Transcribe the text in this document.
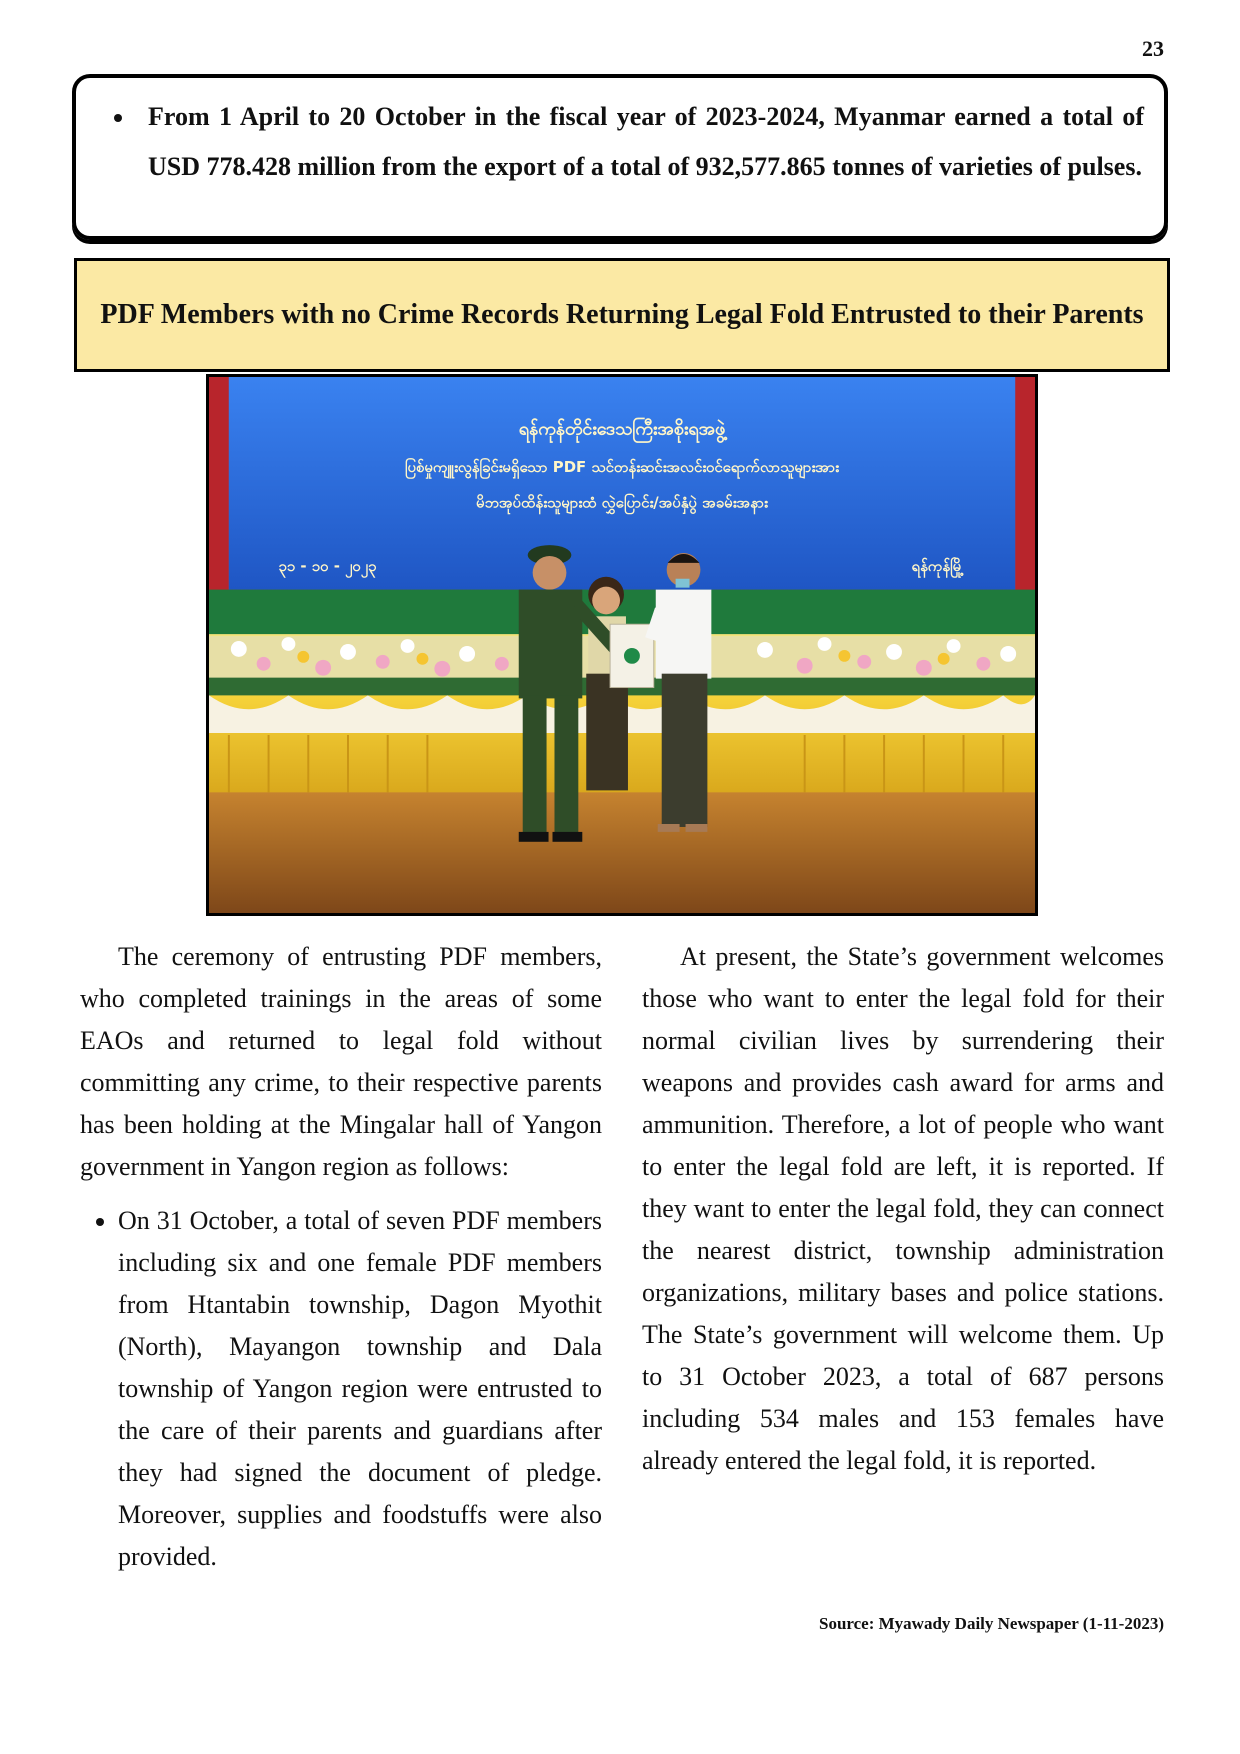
23
• From 1 April to 20 October in the fiscal year of 2023-2024, Myanmar earned a total of USD 778.428 million from the export of a total of 932,577.865 tonnes of varieties of pulses.
PDF Members with no Crime Records Returning Legal Fold Entrusted to their Parents
ရန်ကုန်တိုင်းဒေသကြီးအစိုးရအဖွဲ့
ပြစ်မှုကျူးလွန်ခြင်းမရှိသော PDF သင်တန်းဆင်းအလင်းဝင်ရောက်လာသူများအား
မိဘအုပ်ထိန်းသူများထံ လွှဲပြောင်း/အပ်နှံပွဲ အခမ်းအနား
၃၁ - ၁၀ - ၂၀၂၃	ရန်ကုန်မြို့

The ceremony of entrusting PDF members, who completed trainings in the areas of some EAOs and returned to legal fold without committing any crime, to their respective parents has been holding at the Mingalar hall of Yangon government in Yangon region as follows:

• On 31 October, a total of seven PDF members including six and one female PDF members from Htantabin township, Dagon Myothit (North), Mayangon township and Dala township of Yangon region were entrusted to the care of their parents and guardians after they had signed the document of pledge. Moreover, supplies and foodstuffs were also provided.

At present, the State’s government welcomes those who want to enter the legal fold for their normal civilian lives by surrendering their weapons and provides cash award for arms and ammunition. Therefore, a lot of people who want to enter the legal fold are left, it is reported. If they want to enter the legal fold, they can connect the nearest district, township administration organizations, military bases and police stations. The State’s government will welcome them. Up to 31 October 2023, a total of 687 persons including 534 males and 153 females have already entered the legal fold, it is reported.

Source: Myawady Daily Newspaper (1-11-2023)
